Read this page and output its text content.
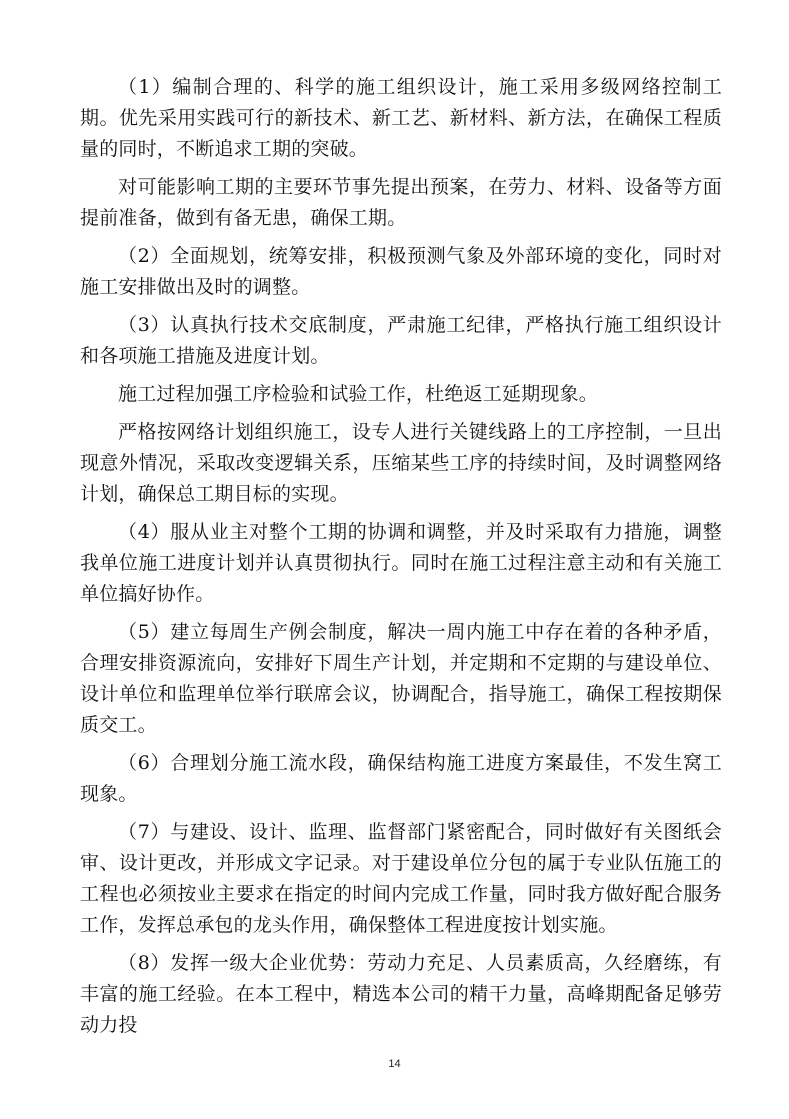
（1）编制合理的、科学的施工组织设计，施工采用多级网络控制工期。优先采用实践可行的新技术、新工艺、新材料、新方法，在确保工程质量的同时，不断追求工期的突破。

对可能影响工期的主要环节事先提出预案，在劳力、材料、设备等方面提前准备，做到有备无患，确保工期。

（2）全面规划，统筹安排，积极预测气象及外部环境的变化，同时对施工安排做出及时的调整。

（3）认真执行技术交底制度，严肃施工纪律，严格执行施工组织设计和各项施工措施及进度计划。

施工过程加强工序检验和试验工作，杜绝返工延期现象。

严格按网络计划组织施工，设专人进行关键线路上的工序控制，一旦出现意外情况，采取改变逻辑关系，压缩某些工序的持续时间，及时调整网络计划，确保总工期目标的实现。

（4）服从业主对整个工期的协调和调整，并及时采取有力措施，调整我单位施工进度计划并认真贯彻执行。同时在施工过程注意主动和有关施工单位搞好协作。

（5）建立每周生产例会制度，解决一周内施工中存在着的各种矛盾，合理安排资源流向，安排好下周生产计划，并定期和不定期的与建设单位、设计单位和监理单位举行联席会议，协调配合，指导施工，确保工程按期保质交工。

（6）合理划分施工流水段，确保结构施工进度方案最佳，不发生窝工现象。

（7）与建设、设计、监理、监督部门紧密配合，同时做好有关图纸会审、设计更改，并形成文字记录。对于建设单位分包的属于专业队伍施工的工程也必须按业主要求在指定的时间内完成工作量，同时我方做好配合服务工作，发挥总承包的龙头作用，确保整体工程进度按计划实施。

（8）发挥一级大企业优势：劳动力充足、人员素质高，久经磨练，有丰富的施工经验。在本工程中，精选本公司的精干力量，高峰期配备足够劳动力投

14
